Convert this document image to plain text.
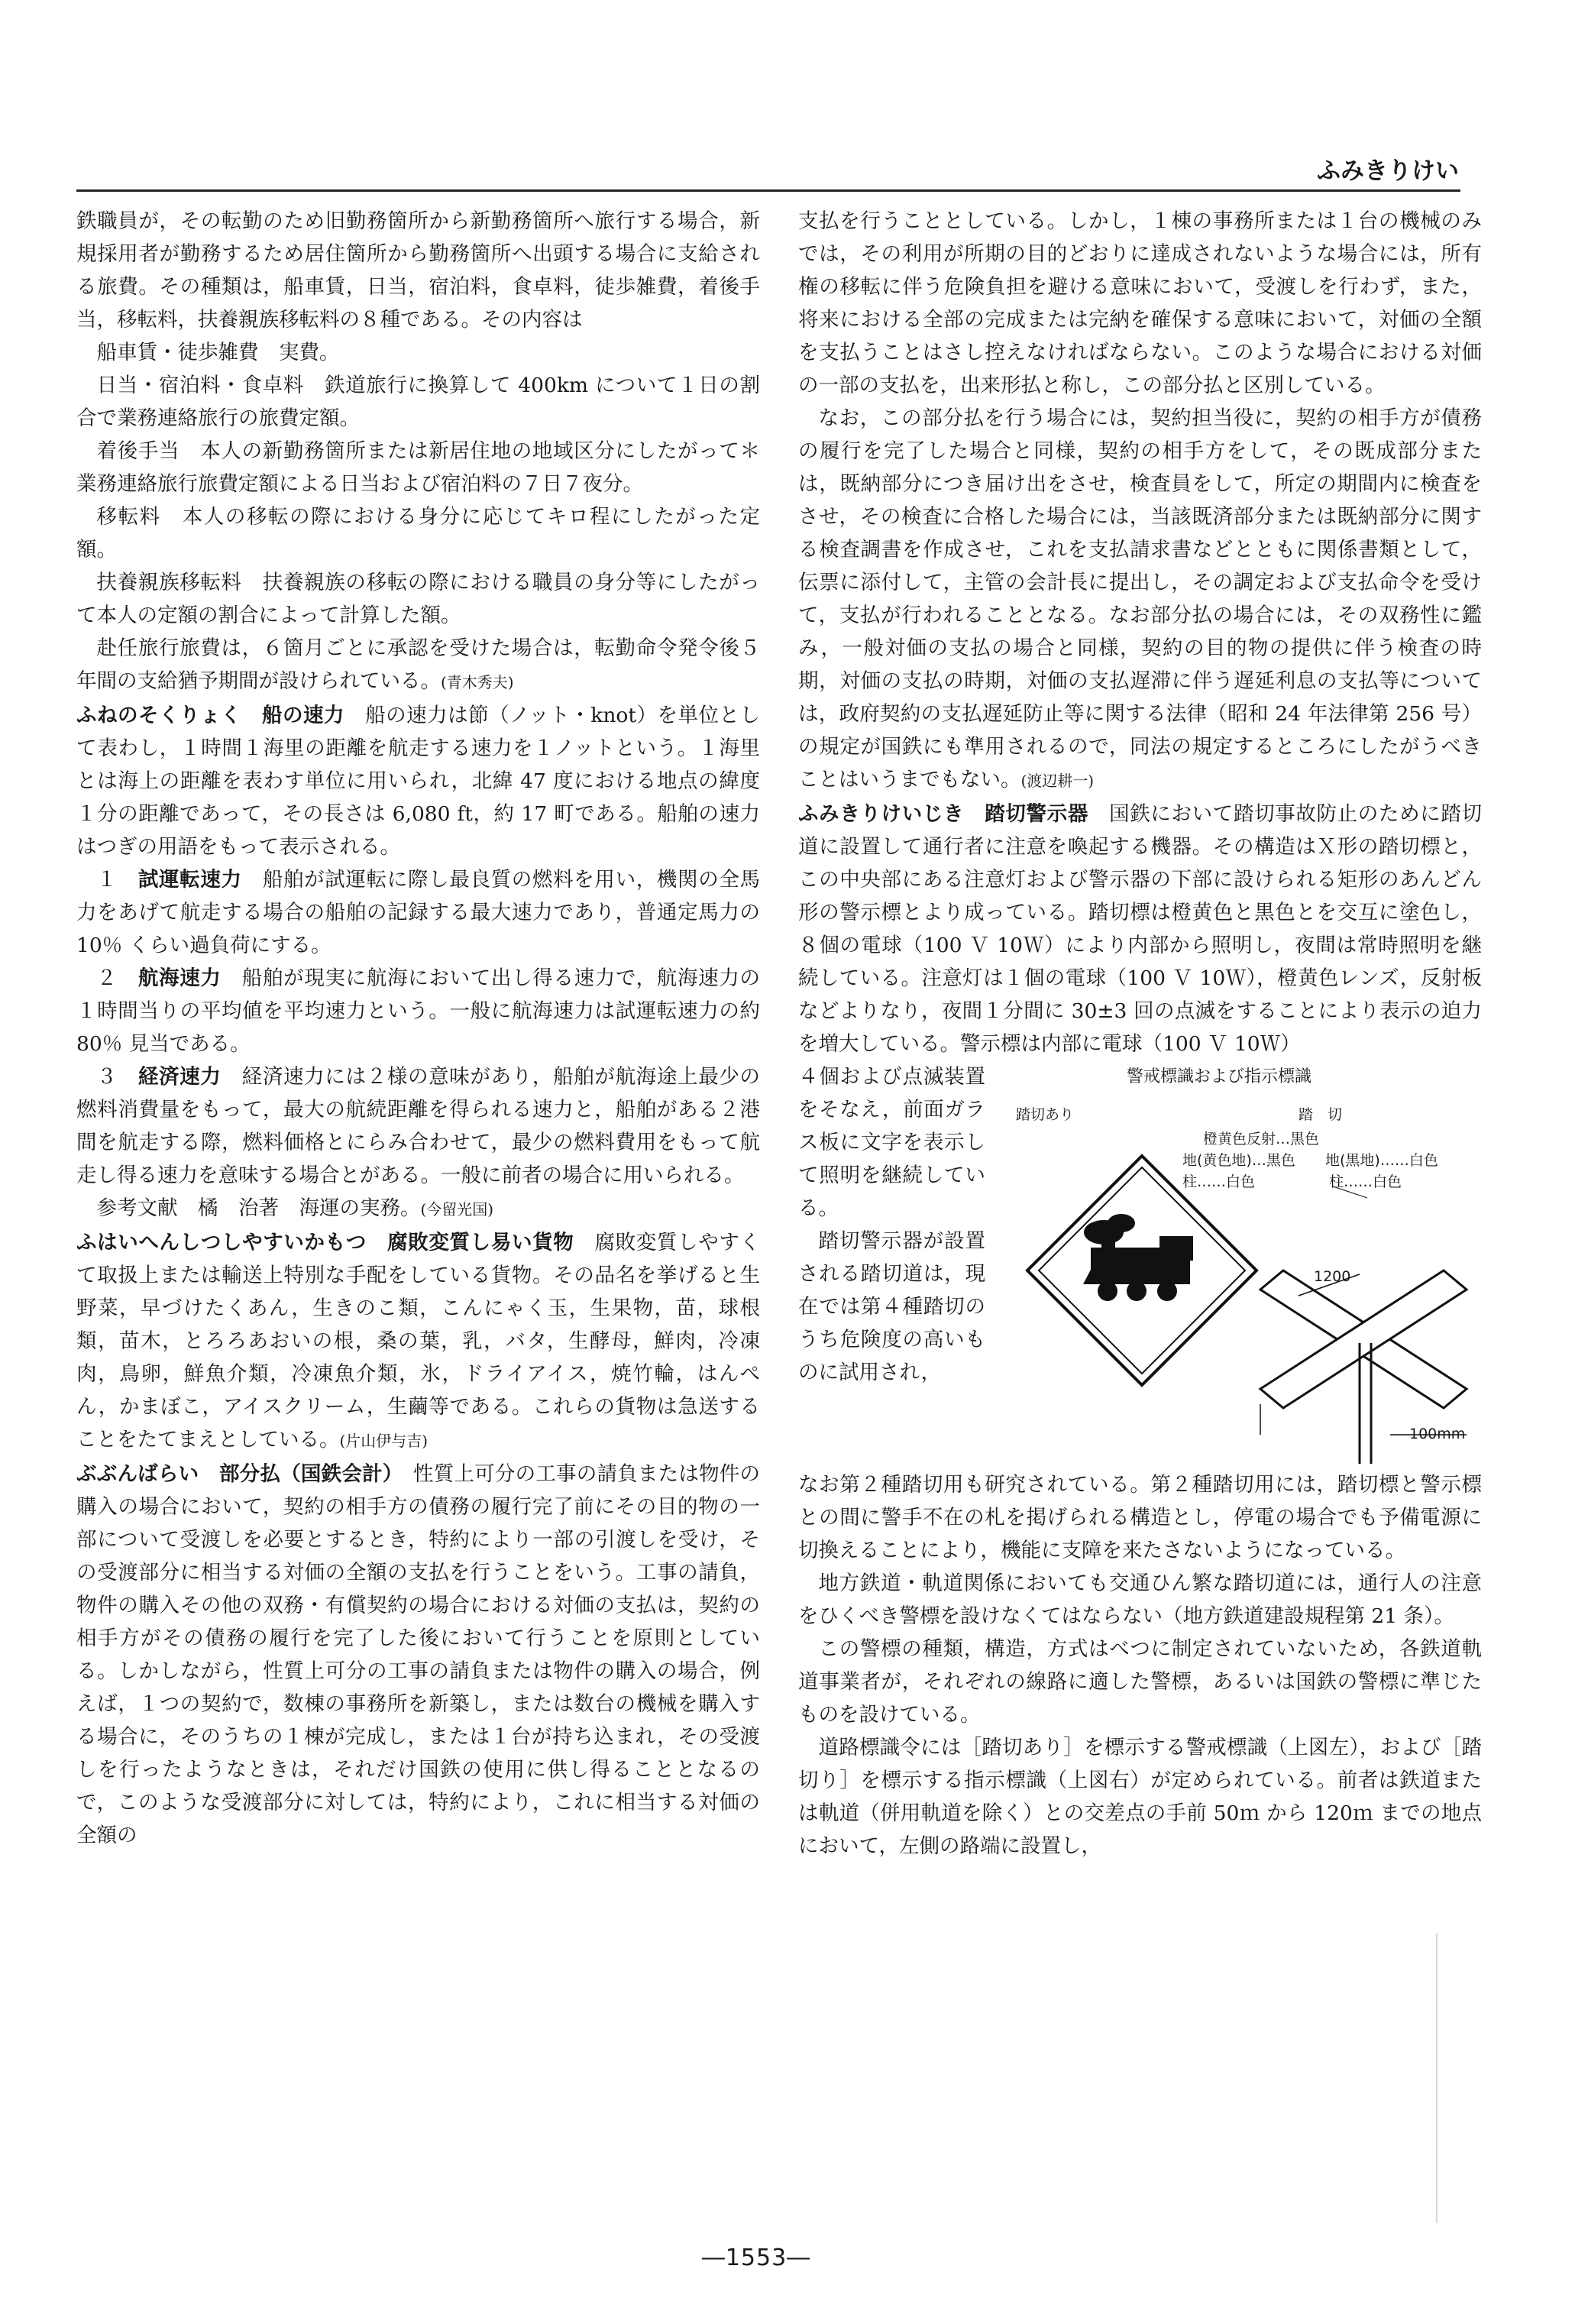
ふみきりけい

鉄職員が，その転勤のため旧勤務箇所から新勤務箇所へ旅行する場合，新規採用者が勤務するため居住箇所から勤務箇所へ出頭する場合に支給される旅費。その種類は，船車賃，日当，宿泊料，食卓料，徒歩雑費，着後手当，移転料，扶養親族移転料の８種である。その内容は

船車賃・徒歩雑費　実費。

日当・宿泊料・食卓料　鉄道旅行に換算して 400km について１日の割合で業務連絡旅行の旅費定額。

着後手当　本人の新勤務箇所または新居住地の地域区分にしたがって＊業務連絡旅行旅費定額による日当および宿泊料の７日７夜分。

移転料　本人の移転の際における身分に応じてキロ程にしたがった定額。

扶養親族移転料　扶養親族の移転の際における職員の身分等にしたがって本人の定額の割合によって計算した額。

赴任旅行旅費は，６箇月ごとに承認を受けた場合は，転勤命令発令後５年間の支給猶予期間が設けられている。(青木秀夫)

ふねのそくりょく　船の速力　 船の速力は節（ノット・knot）を単位として表わし，１時間１海里の距離を航走する速力を１ノットという。１海里とは海上の距離を表わす単位に用いられ，北緯 47 度における地点の緯度１分の距離であって，その長さは 6,080 ft，約 17 町である。船舶の速力はつぎの用語をもって表示される。

１　 試運転速力　 船舶が試運転に際し最良質の燃料を用い，機関の全馬力をあげて航走する場合の船舶の記録する最大速力であり，普通定馬力の 10％ くらい過負荷にする。

２　 航海速力　 船舶が現実に航海において出し得る速力で，航海速力の１時間当りの平均値を平均速力という。一般に航海速力は試運転速力の約 80％ 見当である。

３　 経済速力　 経済速力には２様の意味があり，船舶が航海途上最少の燃料消費量をもって，最大の航続距離を得られる速力と，船舶がある２港間を航走する際，燃料価格とにらみ合わせて，最少の燃料費用をもって航走し得る速力を意味する場合とがある。一般に前者の場合に用いられる。

参考文献　橘　治著　海運の実務。(今留光国)

ふはいへんしつしやすいかもつ　腐敗変質し易い貨物　 腐敗変質しやすくて取扱上または輸送上特別な手配をしている貨物。その品名を挙げると生野菜，早づけたくあん，生きのこ類，こんにゃく玉，生果物，苗，球根類，苗木，とろろあおいの根，桑の葉，乳，バタ，生酵母，鮮肉，冷凍肉，鳥卵，鮮魚介類，冷凍魚介類，氷，ドライアイス，焼竹輪，はんぺん，かまぼこ，アイスクリーム，生繭等である。これらの貨物は急送することをたてまえとしている。(片山伊与吉)

ぶぶんばらい　部分払（国鉄会計）　 性質上可分の工事の請負または物件の購入の場合において，契約の相手方の債務の履行完了前にその目的物の一部について受渡しを必要とするとき，特約により一部の引渡しを受け，その受渡部分に相当する対価の全額の支払を行うことをいう。工事の請負，物件の購入その他の双務・有償契約の場合における対価の支払は，契約の相手方がその債務の履行を完了した後において行うことを原則としている。しかしながら，性質上可分の工事の請負または物件の購入の場合，例えば，１つの契約で，数棟の事務所を新築し，または数台の機械を購入する場合に，そのうちの１棟が完成し，または１台が持ち込まれ，その受渡しを行ったようなときは，それだけ国鉄の使用に供し得ることとなるので，このような受渡部分に対しては，特約により，これに相当する対価の全額の

支払を行うこととしている。しかし，１棟の事務所または１台の機械のみでは，その利用が所期の目的どおりに達成されないような場合には，所有権の移転に伴う危険負担を避ける意味において，受渡しを行わず，また，将来における全部の完成または完納を確保する意味において，対価の全額を支払うことはさし控えなければならない。このような場合における対価の一部の支払を，出来形払と称し，この部分払と区別している。

なお，この部分払を行う場合には，契約担当役に，契約の相手方が債務の履行を完了した場合と同様，契約の相手方をして，その既成部分または，既納部分につき届け出をさせ，検査員をして，所定の期間内に検査をさせ，その検査に合格した場合には，当該既済部分または既納部分に関する検査調書を作成させ，これを支払請求書などとともに関係書類として，伝票に添付して，主管の会計長に提出し，その調定および支払命令を受けて，支払が行われることとなる。なお部分払の場合には，その双務性に鑑み，一般対価の支払の場合と同様，契約の目的物の提供に伴う検査の時期，対価の支払の時期，対価の支払遅滞に伴う遅延利息の支払等については，政府契約の支払遅延防止等に関する法律（昭和 24 年法律第 256 号）の規定が国鉄にも準用されるので，同法の規定するところにしたがうべきことはいうまでもない。(渡辺耕一)

ふみきりけいじき　踏切警示器　 国鉄において踏切事故防止のために踏切道に設置して通行者に注意を喚起する機器。その構造はＸ形の踏切標と，この中央部にある注意灯および警示器の下部に設けられる矩形のあんどん形の警示標とより成っている。踏切標は橙黄色と黒色とを交互に塗色し，８個の電球（100 Ｖ 10Ｗ）により内部から照明し，夜間は常時照明を継続している。注意灯は１個の電球（100 Ｖ 10Ｗ），橙黄色レンズ，反射板などよりなり，夜間１分間に 30±3 回の点滅をすることにより表示の迫力を増大している。警示標は内部に電球（100 Ｖ 10Ｗ）

４個および点滅装置をそなえ，前面ガラス板に文字を表示して照明を継続している。

踏切警示器が設置される踏切道は，現在では第４種踏切のうち危険度の高いものに試用され，

警戒標識および指示標識
踏切あり	踏　切
橙黄色反射…黒色
地(黄色地)…黒色
柱……白色
地(黒地)……白色
柱……白色
1200
100mm

なお第２種踏切用も研究されている。第２種踏切用には，踏切標と警示標との間に警手不在の札を掲げられる構造とし，停電の場合でも予備電源に切換えることにより，機能に支障を来たさないようになっている。

地方鉄道・軌道関係においても交通ひん繁な踏切道には，通行人の注意をひくべき警標を設けなくてはならない（地方鉄道建設規程第 21 条）。

この警標の種類，構造，方式はべつに制定されていないため，各鉄道軌道事業者が，それぞれの線路に適した警標，あるいは国鉄の警標に準じたものを設けている。

道路標識令には［踏切あり］を標示する警戒標識（上図左），および［踏切り］を標示する指示標識（上図右）が定められている。前者は鉄道または軌道（併用軌道を除く）との交差点の手前 50ｍ から 120ｍ までの地点において，左側の路端に設置し，

―1553―
